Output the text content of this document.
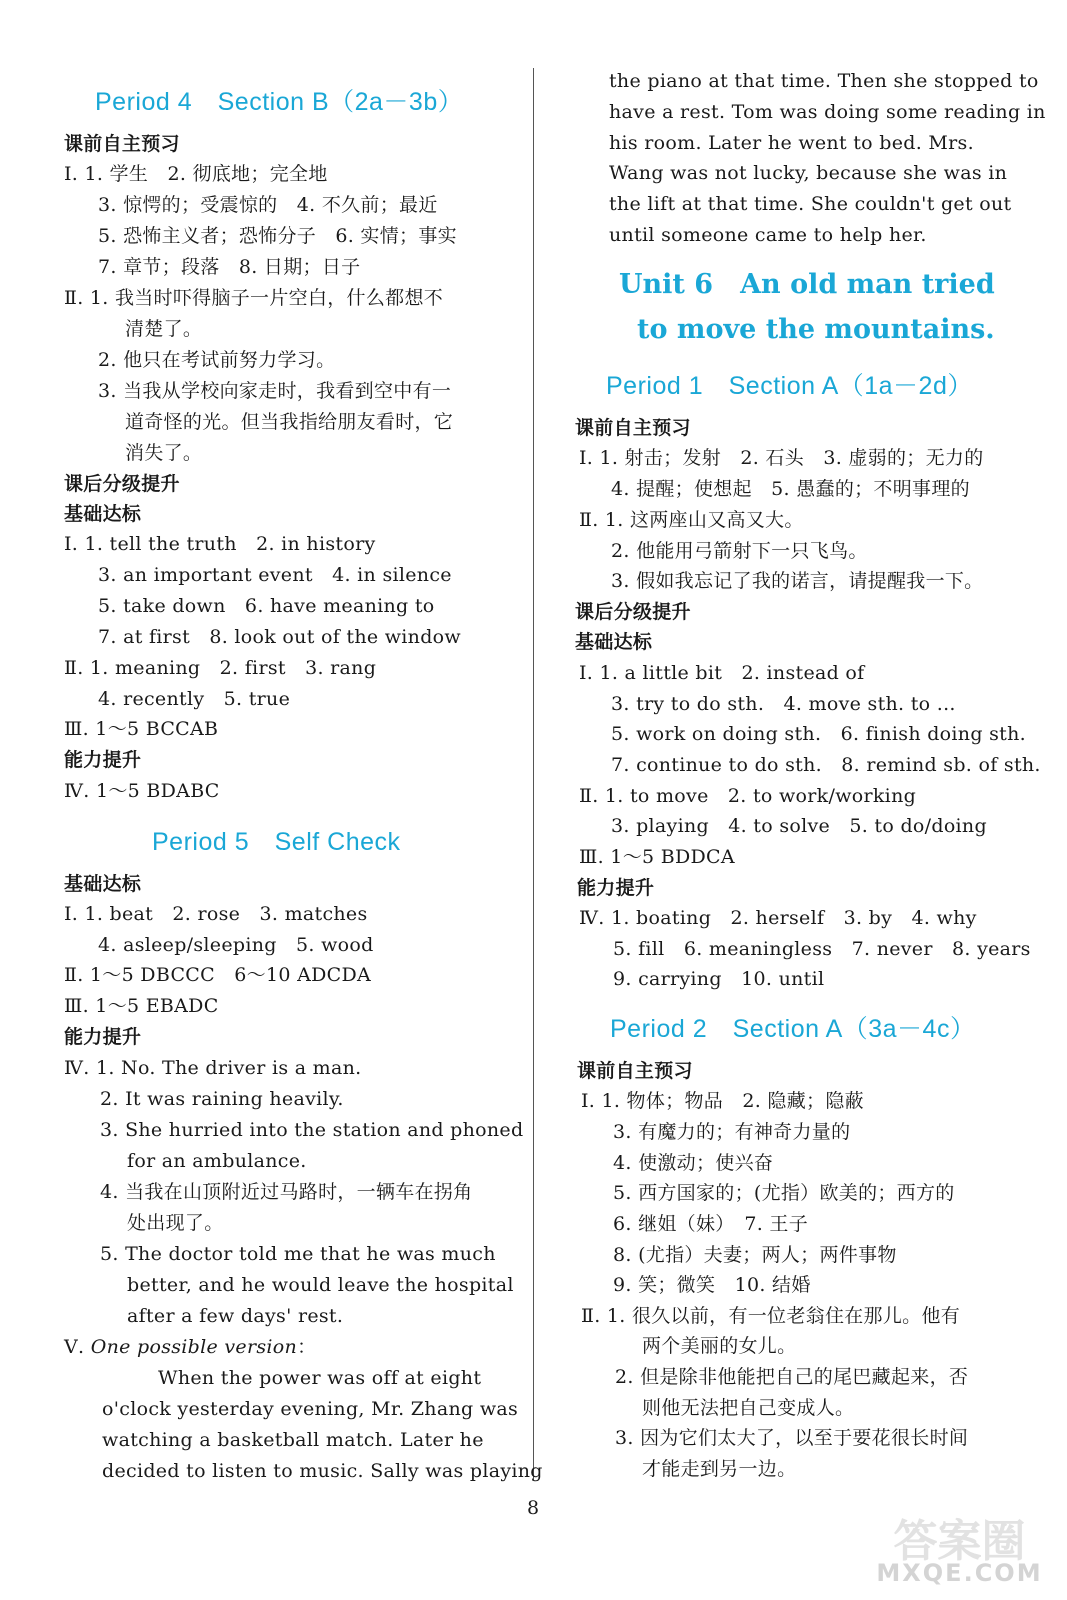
Period 4　Section B（2a－3b）
课前自主预习
Ⅰ. 1. 学生　2. 彻底地；完全地
3. 惊愕的；受震惊的　4. 不久前；最近
5. 恐怖主义者；恐怖分子　6. 实情；事实
7. 章节；段落　8. 日期；日子
Ⅱ. 1. 我当时吓得脑子一片空白，什么都想不
清楚了。
2. 他只在考试前努力学习。
3. 当我从学校向家走时，我看到空中有一
道奇怪的光。但当我指给朋友看时，它
消失了。
课后分级提升
基础达标
Ⅰ. 1. tell the truth　2. in history
3. an important event　4. in silence
5. take down　6. have meaning to
7. at first　8. look out of the window
Ⅱ. 1. meaning　2. first　3. rang
4. recently　5. true
Ⅲ. 1～5 BCCAB
能力提升
Ⅳ. 1～5 BDABC
Period 5　Self Check
基础达标
Ⅰ. 1. beat　2. rose　3. matches
4. asleep/sleeping　5. wood
Ⅱ. 1～5 DBCCC　6～10 ADCDA
Ⅲ. 1～5 EBADC
能力提升
Ⅳ. 1. No. The driver is a man.
2. It was raining heavily.
3. She hurried into the station and phoned
for an ambulance.
4. 当我在山顶附近过马路时，一辆车在拐角
处出现了。
5. The doctor told me that he was much
better, and he would leave the hospital
after a few days' rest.
Ⅴ. One possible version：
When the power was off at eight
o'clock yesterday evening, Mr. Zhang was
watching a basketball match. Later he
decided to listen to music. Sally was playing
the piano at that time. Then she stopped to
have a rest. Tom was doing some reading in
his room. Later he went to bed. Mrs.
Wang was not lucky, because she was in
the lift at that time. She couldn't get out
until someone came to help her.
Unit 6　An old man tried
to move the mountains.
Period 1　Section A（1a－2d）
课前自主预习
Ⅰ. 1. 射击；发射　2. 石头　3. 虚弱的；无力的
4. 提醒；使想起　5. 愚蠢的；不明事理的
Ⅱ. 1. 这两座山又高又大。
2. 他能用弓箭射下一只飞鸟。
3. 假如我忘记了我的诺言，请提醒我一下。
课后分级提升
基础达标
Ⅰ. 1. a little bit　2. instead of
3. try to do sth.　4. move sth. to ...
5. work on doing sth.　6. finish doing sth.
7. continue to do sth.　8. remind sb. of sth.
Ⅱ. 1. to move　2. to work/working
3. playing　4. to solve　5. to do/doing
Ⅲ. 1～5 BDDCA
能力提升
Ⅳ. 1. boating　2. herself　3. by　4. why
5. fill　6. meaningless　7. never　8. years
9. carrying　10. until
Period 2　Section A（3a－4c）
课前自主预习
Ⅰ. 1. 物体；物品　2. 隐藏；隐蔽
3. 有魔力的；有神奇力量的
4. 使激动；使兴奋
5. 西方国家的；(尤指）欧美的；西方的
6. 继姐（妹）　7. 王子
8. (尤指）夫妻；两人；两件事物
9. 笑；微笑　10. 结婚
Ⅱ. 1. 很久以前，有一位老翁住在那儿。他有
两个美丽的女儿。
2. 但是除非他能把自己的尾巴藏起来，否
则他无法把自己变成人。
3. 因为它们太大了，以至于要花很长时间
才能走到另一边。
8
答案圈
MXQE.COM
